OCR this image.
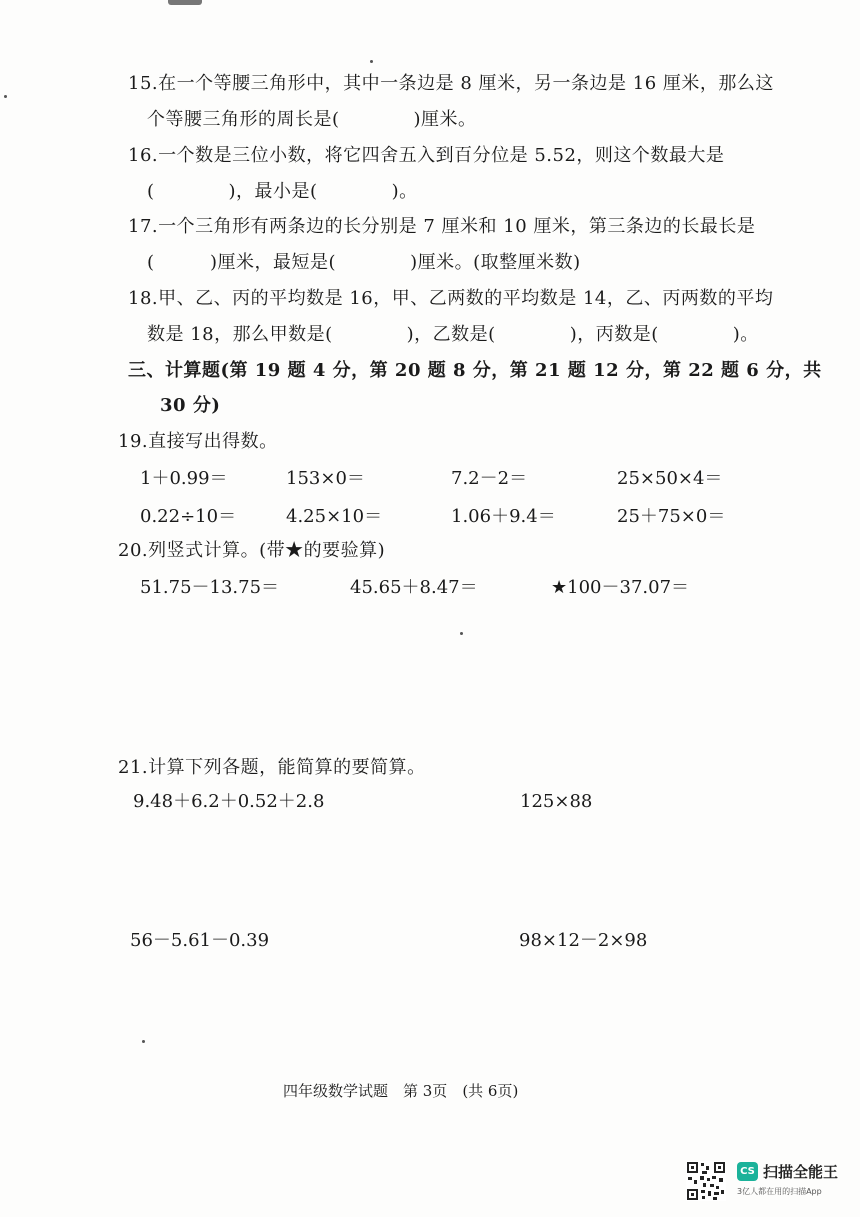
15.在一个等腰三角形中，其中一条边是 8 厘米，另一条边是 16 厘米，那么这
个等腰三角形的周长是(　　　　)厘米。
16.一个数是三位小数，将它四舍五入到百分位是 5.52，则这个数最大是
(　　　　)，最小是(　　　　)。
17.一个三角形有两条边的长分别是 7 厘米和 10 厘米，第三条边的长最长是
(　　　)厘米，最短是(　　　　)厘米。(取整厘米数)
18.甲、乙、丙的平均数是 16，甲、乙两数的平均数是 14，乙、丙两数的平均
数是 18，那么甲数是(　　　　)，乙数是(　　　　)，丙数是(　　　　)。
三、计算题(第 19 题 4 分，第 20 题 8 分，第 21 题 12 分，第 22 题 6 分，共
30 分)
19.直接写出得数。
1＋0.99＝	153×0＝	7.2－2＝	25×50×4＝
0.22÷10＝	4.25×10＝	1.06＋9.4＝	25＋75×0＝
20.列竖式计算。(带★的要验算)
51.75－13.75＝	45.65＋8.47＝	★100－37.07＝
21.计算下列各题，能简算的要简算。
9.48＋6.2＋0.52＋2.8	125×88
56－5.61－0.39	98×12－2×98
四年级数学试题　第 3页　(共 6页)
CS 扫描全能王
3亿人都在用的扫描App
